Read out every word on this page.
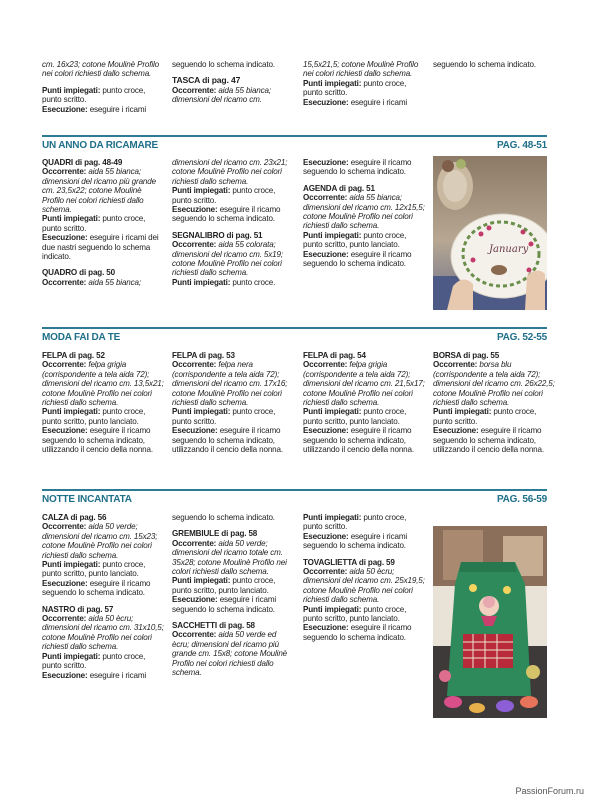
cm. 16x23; cotone Moulinè Profilo nei colori richiesti dallo schema.

Punti impiegati: punto croce, punto scritto.

Esecuzione: eseguire i ricami

seguendo lo schema indicato.

TASCA di pag. 47

Occorrente: aida 55 bianca; dimensioni del ricamo cm.

15,5x21,5; cotone Moulinè Profilo nei colori richiesti dallo schema.

Punti impiegati: punto croce, punto scritto.

Esecuzione: eseguire i ricami

seguendo lo schema indicato.

UN ANNO DA RICAMARE	PAG. 48-51
QUADRI di pag. 48-49

Occorrente: aida 55 bianca; dimensioni del ricamo più grande cm. 23,5x22; cotone Moulinè Profilo nei colori richiesti dallo schema.

Punti impiegati: punto croce, punto scritto.

Esecuzione: eseguire i ricami dei due nastri seguendo lo schema indicato.

QUADRO di pag. 50

Occorrente: aida 55 bianca;

dimensioni del ricamo cm. 23x21; cotone Moulinè Profilo nei colori richiesti dallo schema.

Punti impiegati: punto croce, punto scritto.

Esecuzione: eseguire il ricamo seguendo lo schema indicato.

SEGNALIBRO di pag. 51

Occorrente: aida 55 colorata; dimensioni del ricamo cm. 5x19; cotone Moulinè Profilo nei colori richiesti dallo schema.

Punti impiegati: punto croce.

Esecuzione: eseguire il ricamo seguendo lo schema indicato.

AGENDA di pag. 51

Occorrente: aida 55 bianca; dimensioni del ricamo cm. 12x15,5; cotone Moulinè Profilo nei colori richiesti dallo schema.

Punti impiegati: punto croce, punto scritto, punto lanciato.

Esecuzione: eseguire il ricamo seguendo lo schema indicato.

January
MODA FAI DA TE	PAG. 52-55
FELPA di pag. 52

Occorrente: felpa grigia (corrispondente a tela aida 72); dimensioni del ricamo cm. 13,5x21; cotone Moulinè Profilo nei colori richiesti dallo schema.

Punti impiegati: punto croce, punto scritto, punto lanciato.

Esecuzione: eseguire il ricamo seguendo lo schema indicato, utilizzando il cencio della nonna.

FELPA di pag. 53

Occorrente: felpa nera (corrispondente a tela aida 72); dimensioni del ricamo cm. 17x16; cotone Moulinè Profilo nei colori richiesti dallo schema.

Punti impiegati: punto croce, punto scritto.

Esecuzione: eseguire il ricamo seguendo lo schema indicato, utilizzando il cencio della nonna.

FELPA di pag. 54

Occorrente: felpa grigia (corrispondente a tela aida 72); dimensioni del ricamo cm. 21,5x17; cotone Moulinè Profilo nei colori richiesti dallo schema.

Punti impiegati: punto croce, punto scritto, punto lanciato.

Esecuzione: eseguire il ricamo seguendo lo schema indicato, utilizzando il cencio della nonna.

BORSA di pag. 55

Occorrente: borsa blu (corrispondente a tela aida 72); dimensioni del ricamo cm. 26x22,5; cotone Moulinè Profilo nei colori richiesti dallo schema.

Punti impiegati: punto croce, punto scritto.

Esecuzione: eseguire il ricamo seguendo lo schema indicato, utilizzando il cencio della nonna.

NOTTE INCANTATA	PAG. 56-59
CALZA di pag. 56

Occorrente: aida 50 verde; dimensioni del ricamo cm. 15x23; cotone Moulinè Profilo nei colori richiesti dallo schema.

Punti impiegati: punto croce, punto scritto, punto lanciato.

Esecuzione: eseguire il ricamo seguendo lo schema indicato.

NASTRO di pag. 57

Occorrente: aida 50 ècru; dimensioni del ricamo cm. 31x10,5; cotone Moulinè Profilo nei colori richiesti dallo schema.

Punti impiegati: punto croce, punto scritto.

Esecuzione: eseguire i ricami

seguendo lo schema indicato.

GREMBIULE di pag. 58

Occorrente: aida 50 verde; dimensioni del ricamo totale cm. 35x28; cotone Moulinè Profilo nei colori richiesti dallo schema.

Punti impiegati: punto croce, punto scritto, punto lanciato.

Esecuzione: eseguire i ricami seguendo lo schema indicato.

SACCHETTI di pag. 58

Occorrente: aida 50 verde ed ècru; dimensioni del ricamo più grande cm. 15x8; cotone Moulinè Profilo nei colori richiesti dallo schema.

Punti impiegati: punto croce, punto scritto.

Esecuzione: eseguire i ricami seguendo lo schema indicato.

TOVAGLIETTA di pag. 59

Occorrente: aida 50 ècru; dimensioni del ricamo cm. 25x19,5; cotone Moulinè Profilo nei colori richiesti dallo schema.

Punti impiegati: punto croce, punto scritto, punto lanciato.

Esecuzione: eseguire il ricamo seguendo lo schema indicato.

PassionForum.ru
